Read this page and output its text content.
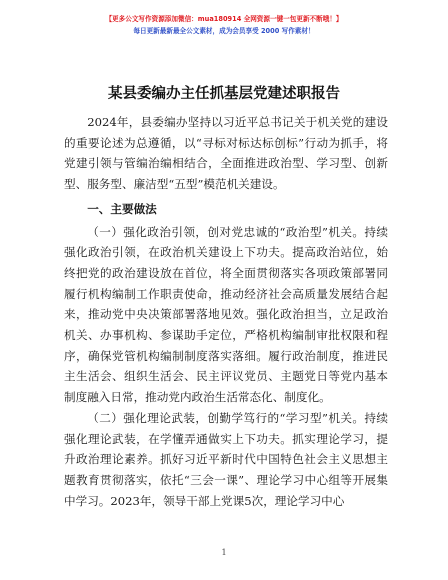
【更多公文写作资源添加微信：mua180914 全网资源一键一包更新不断哦！】
每日更新最新最全公文素材，成为会员享受 2000 写作素材！
某县委编办主任抓基层党建述职报告

2024年，县委编办坚持以习近平总书记关于机关党的建设的重要论述为总遵循，以“寻标对标达标创标”行动为抓手，将党建引领与管编治编相结合，全面推进政治型、学习型、创新型、服务型、廉洁型“五型”模范机关建设。

一、主要做法

（一）强化政治引领，创对党忠诚的“政治型”机关。持续强化政治引领，在政治机关建设上下功夫。提高政治站位，始终把党的政治建设放在首位，将全面贯彻落实各项政策部署同履行机构编制工作职责使命，推动经济社会高质量发展结合起来，推动党中央决策部署落地见效。强化政治担当，立足政治机关、办事机构、参谋助手定位，严格机构编制审批权限和程序，确保党管机构编制制度落实落细。履行政治制度，推进民主生活会、组织生活会、民主评议党员、主题党日等党内基本制度融入日常，推动党内政治生活常态化、制度化。

（二）强化理论武装，创勤学笃行的“学习型”机关。持续强化理论武装，在学懂弄通做实上下功夫。抓实理论学习，提升政治理论素养。抓好习近平新时代中国特色社会主义思想主题教育贯彻落实，依托“三会一课”、理论学习中心组等开展集中学习。2023年，领导干部上党课5次，理论学习中心

1
